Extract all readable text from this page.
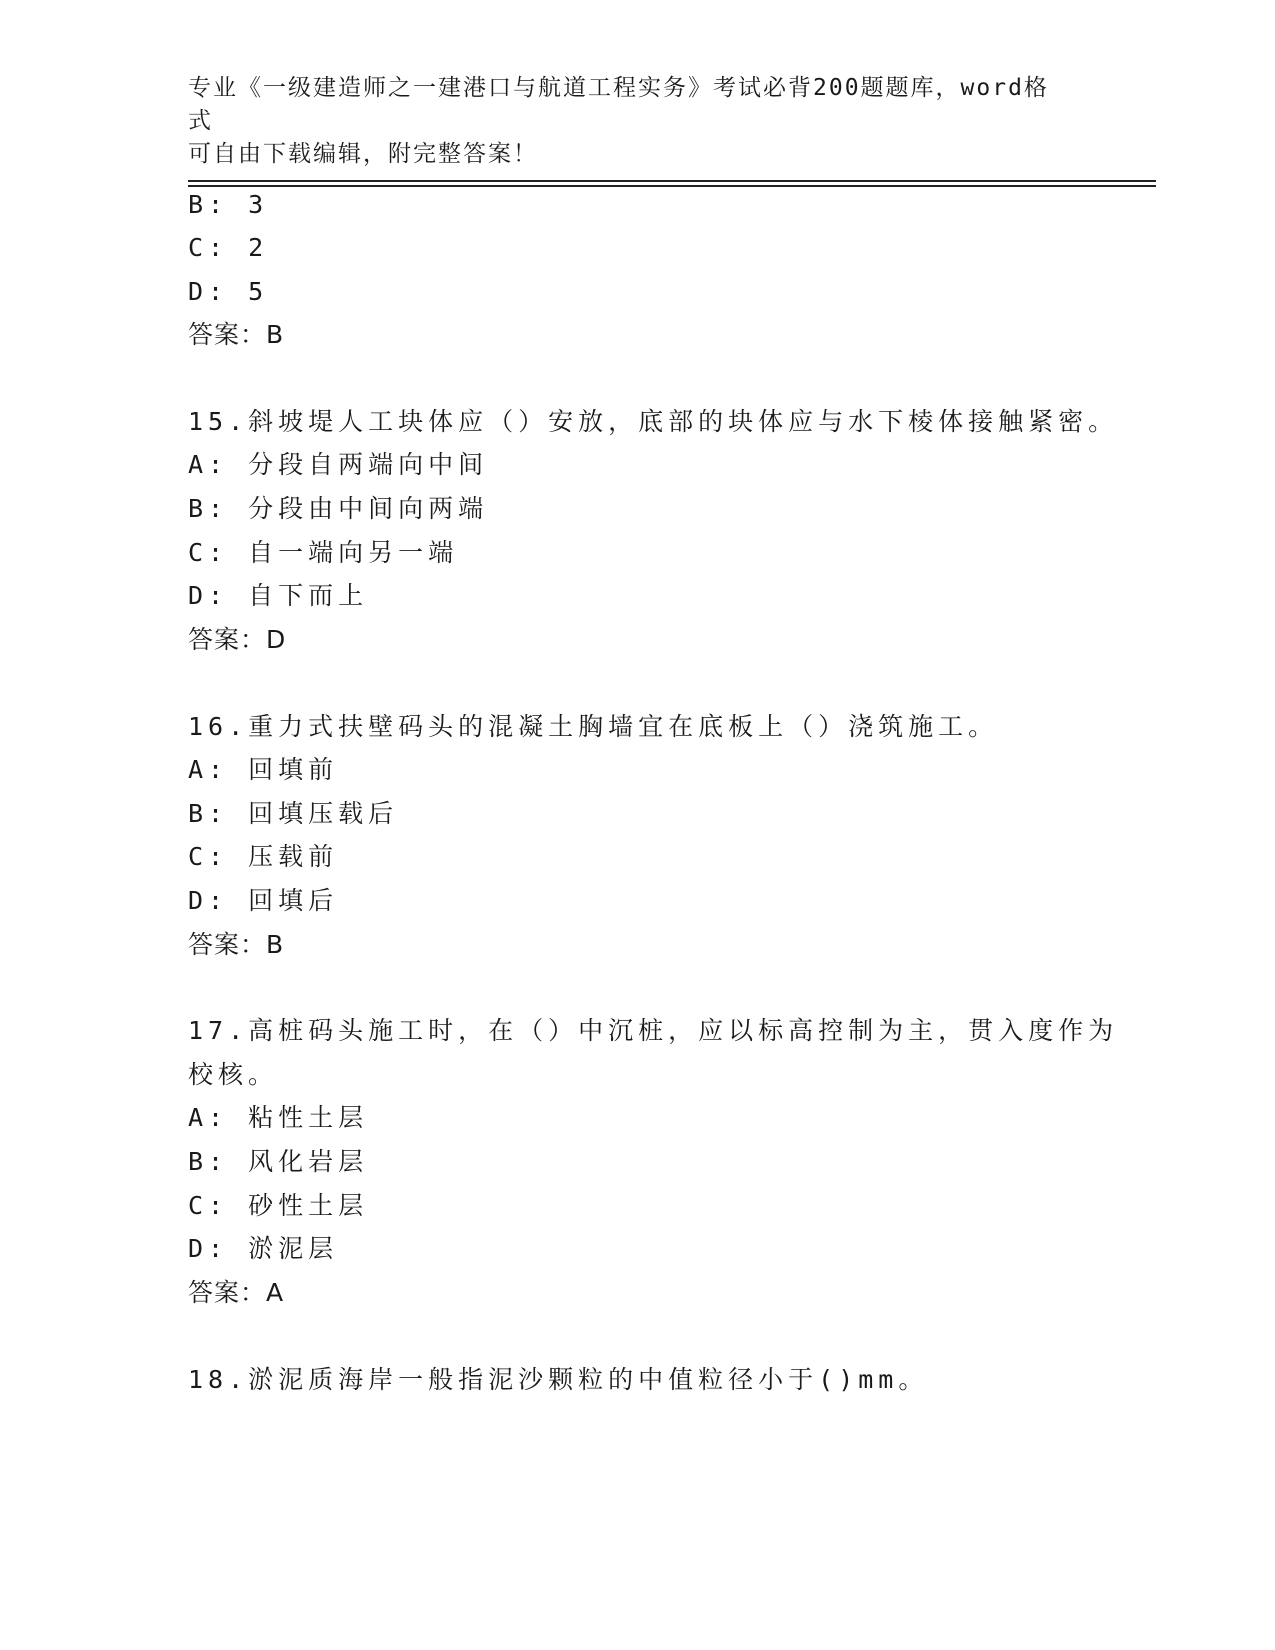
专业《一级建造师之一建港口与航道工程实务》考试必背200题题库，word格式
可自由下载编辑，附完整答案！
B: 3
C: 2
D: 5
答案：B
15.斜坡堤人工块体应（）安放，底部的块体应与水下棱体接触紧密。
A: 分段自两端向中间
B: 分段由中间向两端
C: 自一端向另一端
D: 自下而上
答案：D
16.重力式扶壁码头的混凝土胸墙宜在底板上（）浇筑施工。
A: 回填前
B: 回填压载后
C: 压载前
D: 回填后
答案：B
17.高桩码头施工时，在（）中沉桩，应以标高控制为主，贯入度作为
校核。
A: 粘性土层
B: 风化岩层
C: 砂性土层
D: 淤泥层
答案：A
18.淤泥质海岸一般指泥沙颗粒的中值粒径小于()mm。
